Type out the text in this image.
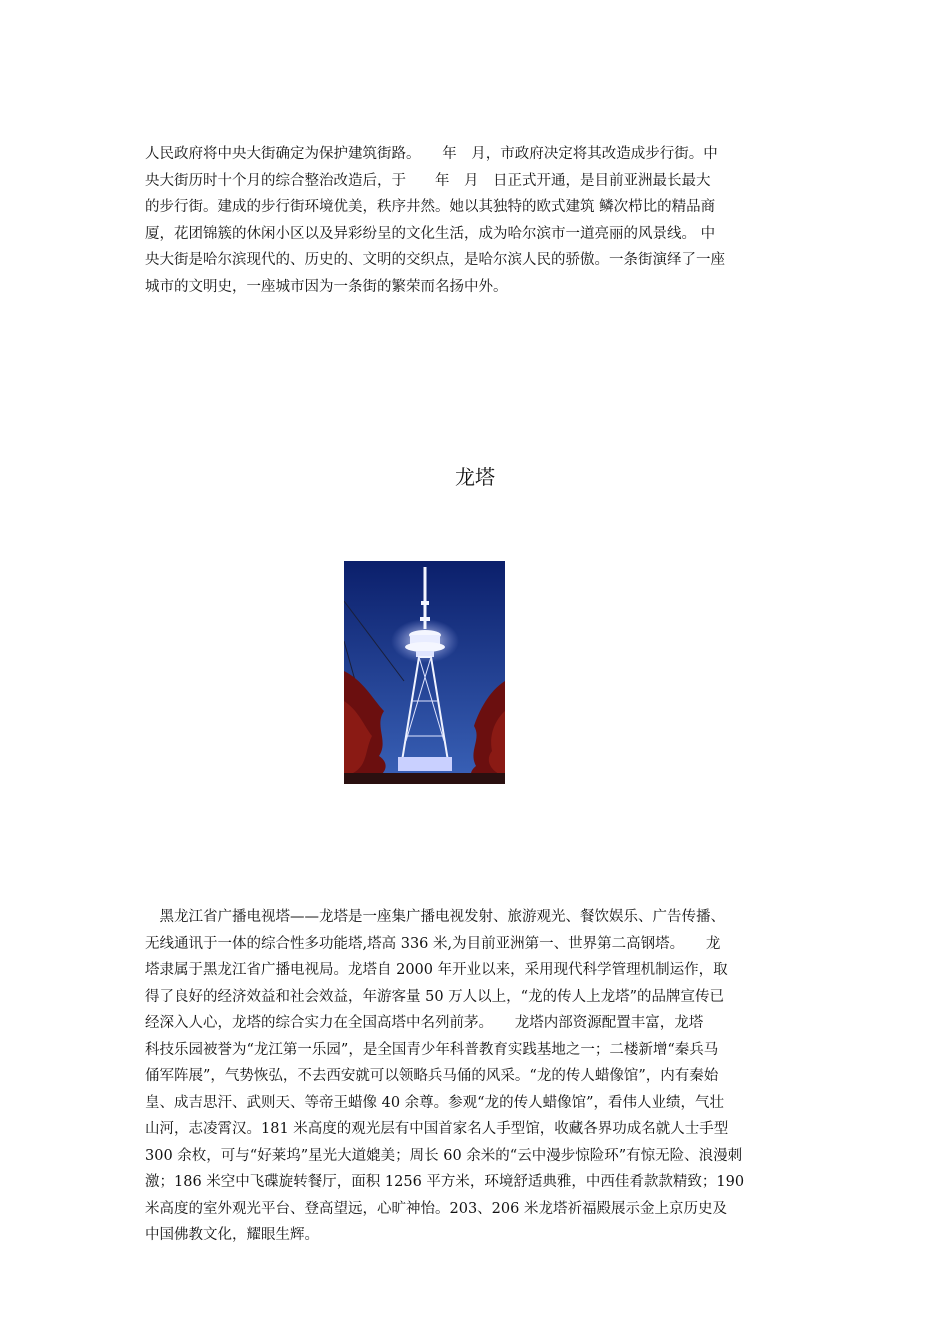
人民政府将中央大街确定为保护建筑街路。　　年　月，市政府决定将其改造成步行街。中
央大街历时十个月的综合整治改造后，于　　年　月　日正式开通，是目前亚洲最长最大
的步行街。建成的步行街环境优美，秩序井然。她以其独特的欧式建筑 鳞次栉比的精品商
厦，花团锦簇的休闲小区以及异彩纷呈的文化生活，成为哈尔滨市一道亮丽的风景线。 中
央大街是哈尔滨现代的、历史的、文明的交织点，是哈尔滨人民的骄傲。一条街演绎了一座
城市的文明史，一座城市因为一条街的繁荣而名扬中外。
龙塔
　黑龙江省广播电视塔——龙塔是一座集广播电视发射、旅游观光、餐饮娱乐、广告传播、
无线通讯于一体的综合性多功能塔,塔高 336 米,为目前亚洲第一、世界第二高钢塔。　　龙
塔隶属于黑龙江省广播电视局。龙塔自 2000 年开业以来，采用现代科学管理机制运作，取
得了良好的经济效益和社会效益，年游客量 50 万人以上，“龙的传人上龙塔”的品牌宣传已
经深入人心，龙塔的综合实力在全国高塔中名列前茅。　　龙塔内部资源配置丰富，龙塔
科技乐园被誉为“龙江第一乐园”，是全国青少年科普教育实践基地之一；二楼新增“秦兵马
俑军阵展”，气势恢弘，不去西安就可以领略兵马俑的风采。“龙的传人蜡像馆”，内有秦始
皇、成吉思汗、武则天、等帝王蜡像 40 余尊。参观“龙的传人蜡像馆”，看伟人业绩，气壮
山河，志凌霄汉。181 米高度的观光层有中国首家名人手型馆，收藏各界功成名就人士手型
300 余枚，可与“好莱坞”星光大道媲美；周长 60 余米的“云中漫步惊险环”有惊无险、浪漫刺
激；186 米空中飞碟旋转餐厅，面积 1256 平方米，环境舒适典雅，中西佳肴款款精致；190
米高度的室外观光平台、登高望远，心旷神怡。203、206 米龙塔祈福殿展示金上京历史及
中国佛教文化，耀眼生辉。
